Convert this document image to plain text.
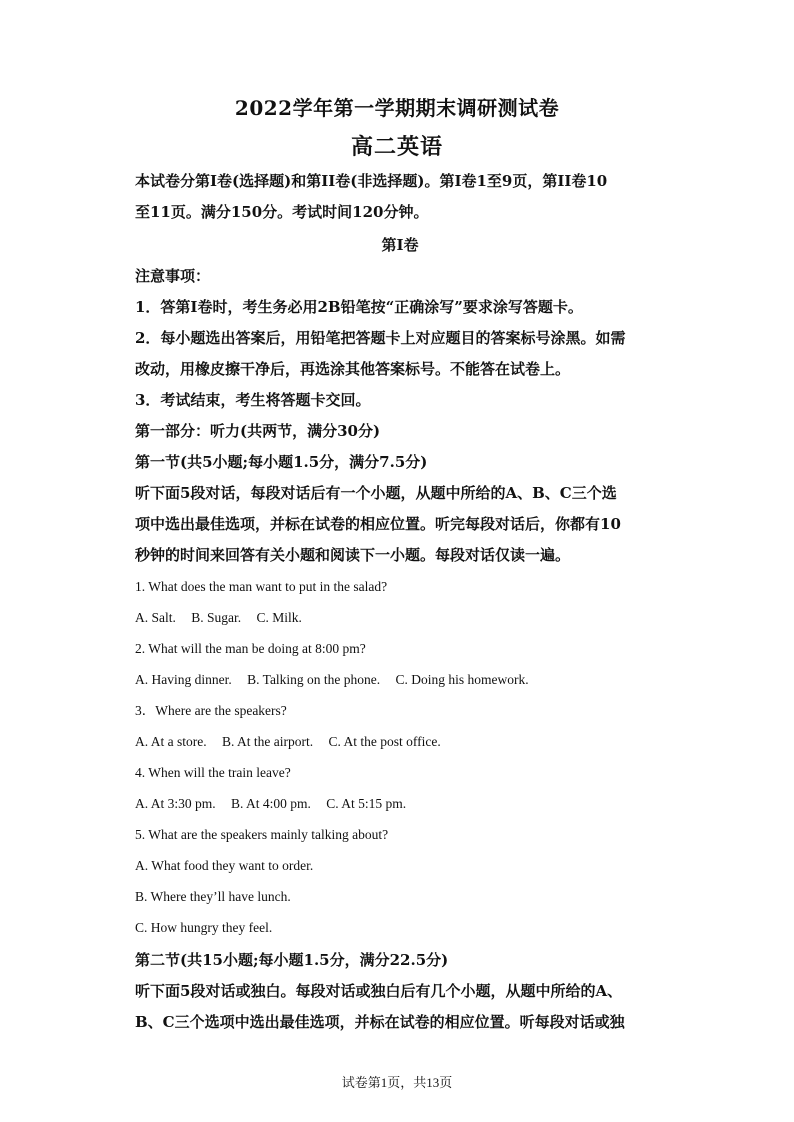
2022学年第一学期期末调研测试卷
高二英语
本试卷分第I卷(选择题)和第II卷(非选择题)。第I卷1至9页，第II卷10
至11页。满分150分。考试时间120分钟。
第I卷
注意事项：
1．答第I卷时，考生务必用2B铅笔按“正确涂写”要求涂写答题卡。
2．每小题选出答案后，用铅笔把答题卡上对应题目的答案标号涂黑。如需
改动，用橡皮擦干净后，再选涂其他答案标号。不能答在试卷上。
3．考试结束，考生将答题卡交回。
第一部分：听力(共两节，满分30分)
第一节(共5小题;每小题1.5分，满分7.5分)
听下面5段对话，每段对话后有一个小题，从题中所给的A、B、C三个选
项中选出最佳选项，并标在试卷的相应位置。听完每段对话后，你都有10
秒钟的时间来回答有关小题和阅读下一小题。每段对话仅读一遍。
1. What does the man want to put in the salad?
A. Salt. B. Sugar. C. Milk.
2. What will the man be doing at 8:00 pm?
A. Having dinner. B. Talking on the phone. C. Doing his homework.
3．Where are the speakers?
A. At a store. B. At the airport. C. At the post office.
4. When will the train leave?
A. At 3:30 pm. B. At 4:00 pm. C. At 5:15 pm.
5. What are the speakers mainly talking about?
A. What food they want to order.
B. Where they’ll have lunch.
C. How hungry they feel.
第二节(共15小题;每小题1.5分，满分22.5分)
听下面5段对话或独白。每段对话或独白后有几个小题，从题中所给的A、
B、C三个选项中选出最佳选项，并标在试卷的相应位置。听每段对话或独
试卷第1页，共13页
